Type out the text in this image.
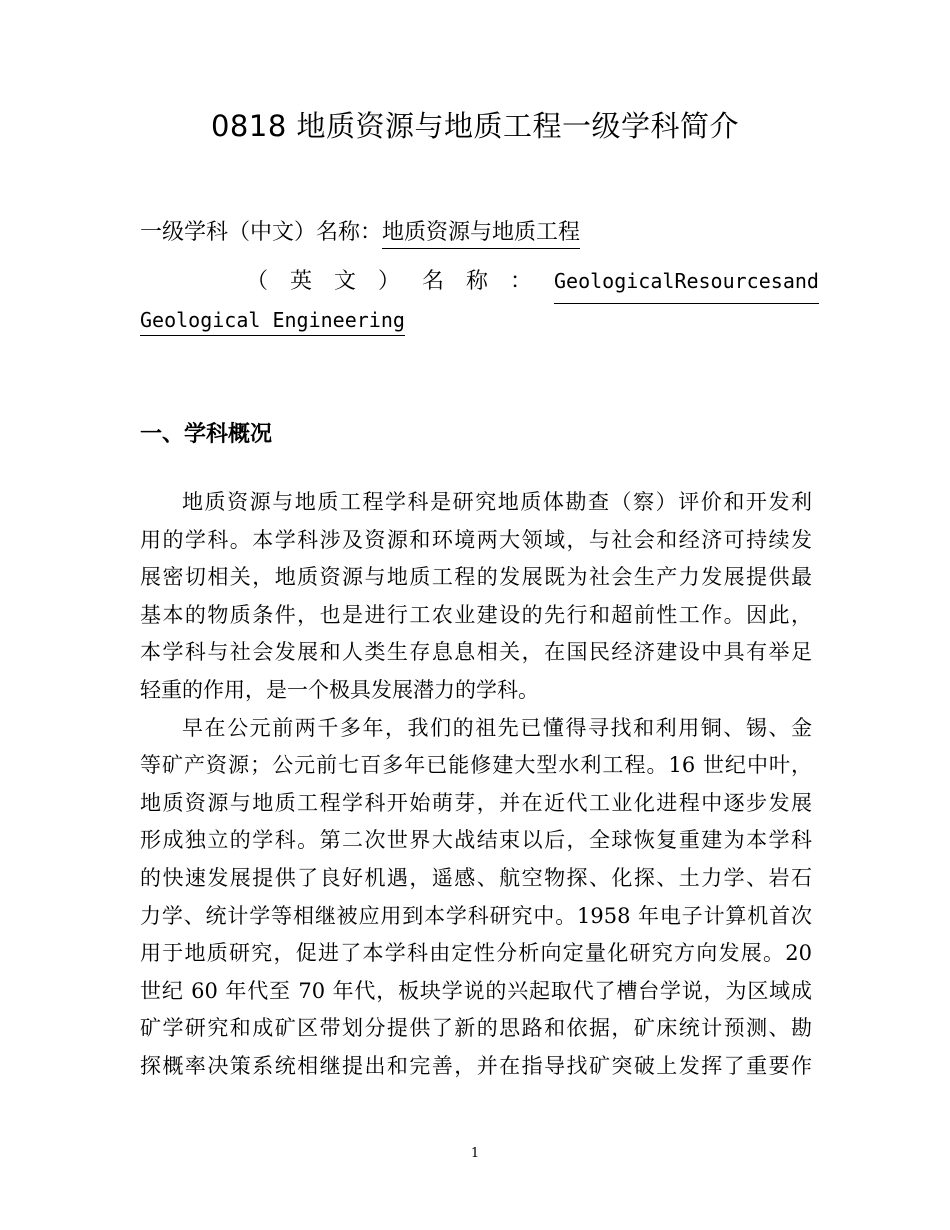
0818 地质资源与地质工程一级学科简介
一级学科（中文）名称：地质资源与地质工程
（英文）名称： Geological Resources and
Geological Engineering
一、学科概况
地质资源与地质工程学科是研究地质体勘查（察）评价和开发利
用的学科。本学科涉及资源和环境两大领域，与社会和经济可持续发
展密切相关，地质资源与地质工程的发展既为社会生产力发展提供最
基本的物质条件，也是进行工农业建设的先行和超前性工作。因此，
本学科与社会发展和人类生存息息相关，在国民经济建设中具有举足
轻重的作用，是一个极具发展潜力的学科。
早在公元前两千多年，我们的祖先已懂得寻找和利用铜、锡、金
等矿产资源；公元前七百多年已能修建大型水利工程。16 世纪中叶，
地质资源与地质工程学科开始萌芽，并在近代工业化进程中逐步发展
形成独立的学科。第二次世界大战结束以后，全球恢复重建为本学科
的快速发展提供了良好机遇，遥感、航空物探、化探、土力学、岩石
力学、统计学等相继被应用到本学科研究中。1958 年电子计算机首次
用于地质研究，促进了本学科由定性分析向定量化研究方向发展。20
世纪 60 年代至 70 年代，板块学说的兴起取代了槽台学说，为区域成
矿学研究和成矿区带划分提供了新的思路和依据，矿床统计预测、勘
探概率决策系统相继提出和完善，并在指导找矿突破上发挥了重要作
1
